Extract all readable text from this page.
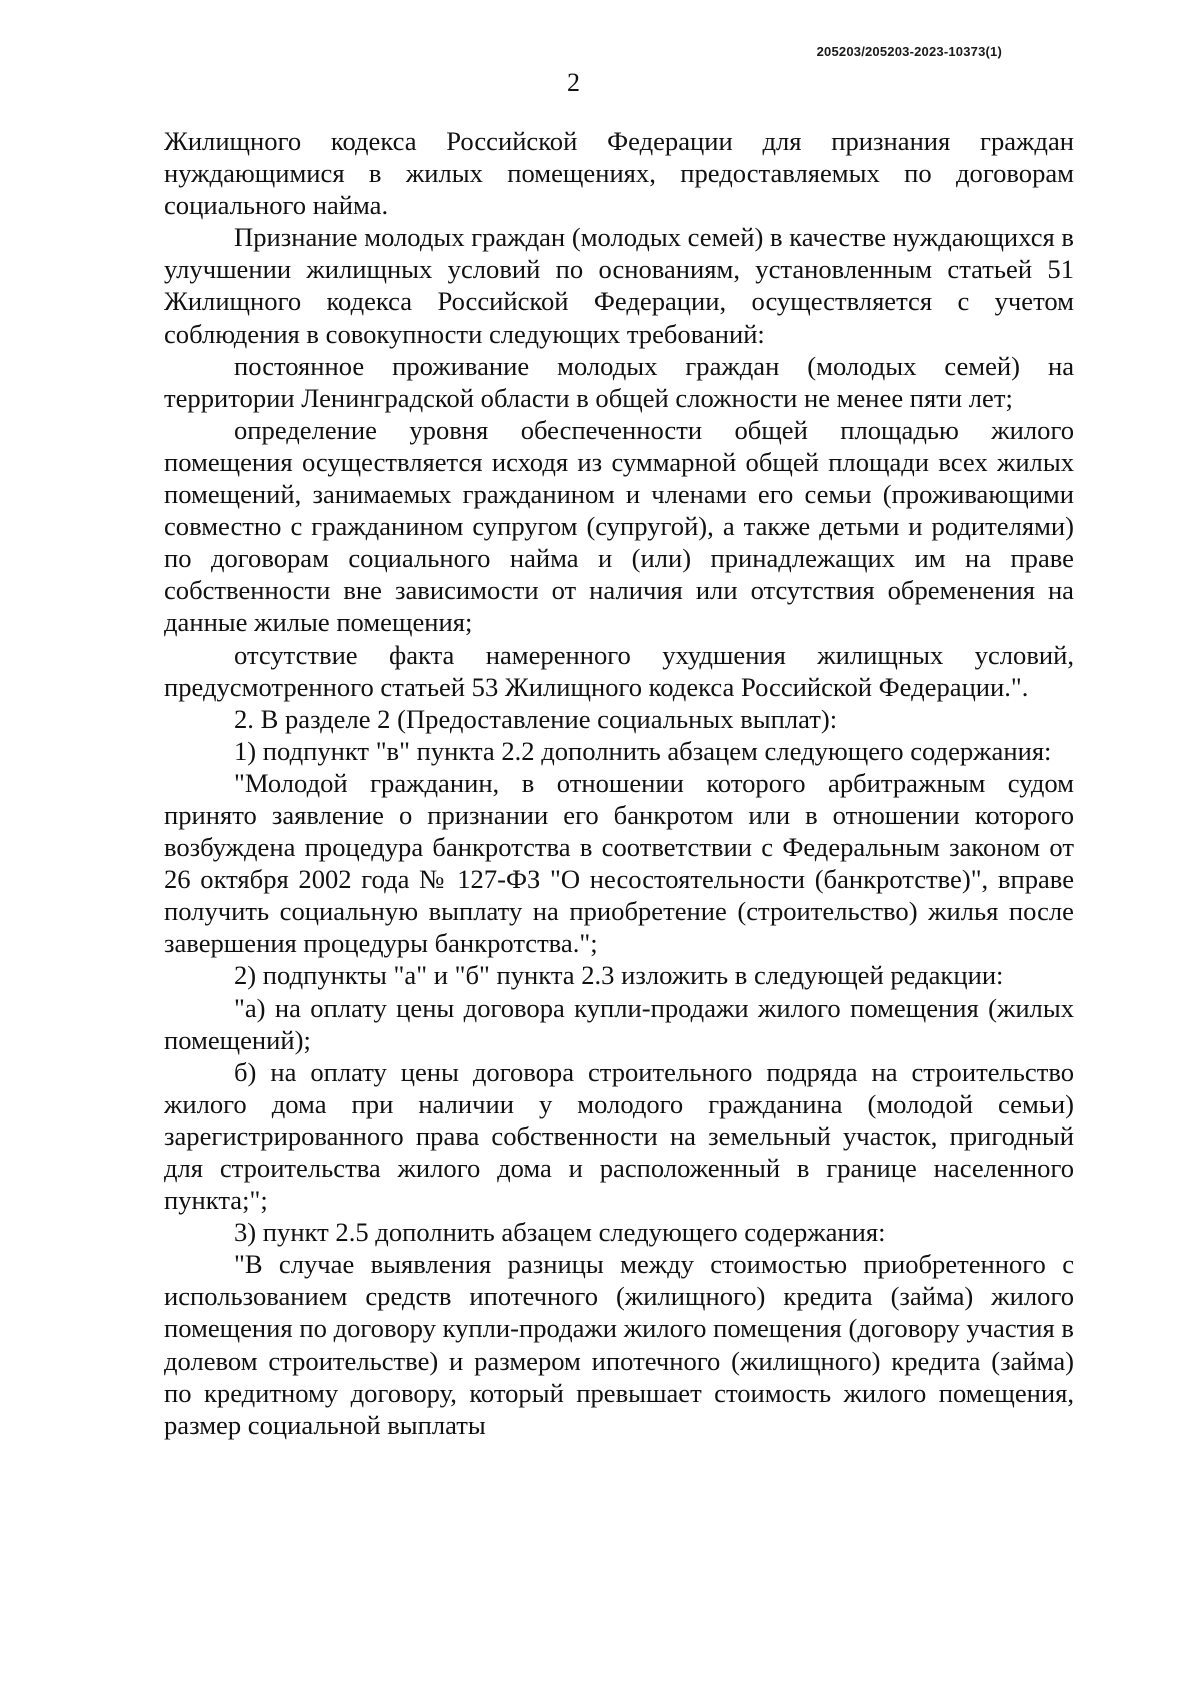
205203/205203-2023-10373(1)
2

Жилищного кодекса Российской Федерации для признания граждан нуждающимися в жилых помещениях, предоставляемых по договорам социального найма.

Признание молодых граждан (молодых семей) в качестве нуждающихся в улучшении жилищных условий по основаниям, установленным статьей 51 Жилищного кодекса Российской Федерации, осуществляется с учетом соблюдения в совокупности следующих требований:

постоянное проживание молодых граждан (молодых семей) на территории Ленинградской области в общей сложности не менее пяти лет;

определение уровня обеспеченности общей площадью жилого помещения осуществляется исходя из суммарной общей площади всех жилых помещений, занимаемых гражданином и членами его семьи (проживающими совместно с гражданином супругом (супругой), а также детьми и родителями) по договорам социального найма и (или) принадлежащих им на праве собственности вне зависимости от наличия или отсутствия обременения на данные жилые помещения;

отсутствие факта намеренного ухудшения жилищных условий, предусмотренного статьей 53 Жилищного кодекса Российской Федерации.".

2. В разделе 2 (Предоставление социальных выплат):

1) подпункт "в" пункта 2.2 дополнить абзацем следующего содержания:

"Молодой гражданин, в отношении которого арбитражным судом принято заявление о признании его банкротом или в отношении которого возбуждена процедура банкротства в соответствии с Федеральным законом от 26 октября 2002 года № 127-ФЗ "О несостоятельности (банкротстве)", вправе получить социальную выплату на приобретение (строительство) жилья после завершения процедуры банкротства.";

2) подпункты "а" и "б" пункта 2.3 изложить в следующей редакции:

"а) на оплату цены договора купли-продажи жилого помещения (жилых помещений);

б) на оплату цены договора строительного подряда на строительство жилого дома при наличии у молодого гражданина (молодой семьи) зарегистрированного права собственности на земельный участок, пригодный для строительства жилого дома и расположенный в границе населенного пункта;";

3) пункт 2.5 дополнить абзацем следующего содержания:

"В случае выявления разницы между стоимостью приобретенного с использованием средств ипотечного (жилищного) кредита (займа) жилого помещения по договору купли-продажи жилого помещения (договору участия в долевом строительстве) и размером ипотечного (жилищного) кредита (займа) по кредитному договору, который превышает стоимость жилого помещения, размер социальной выплаты
